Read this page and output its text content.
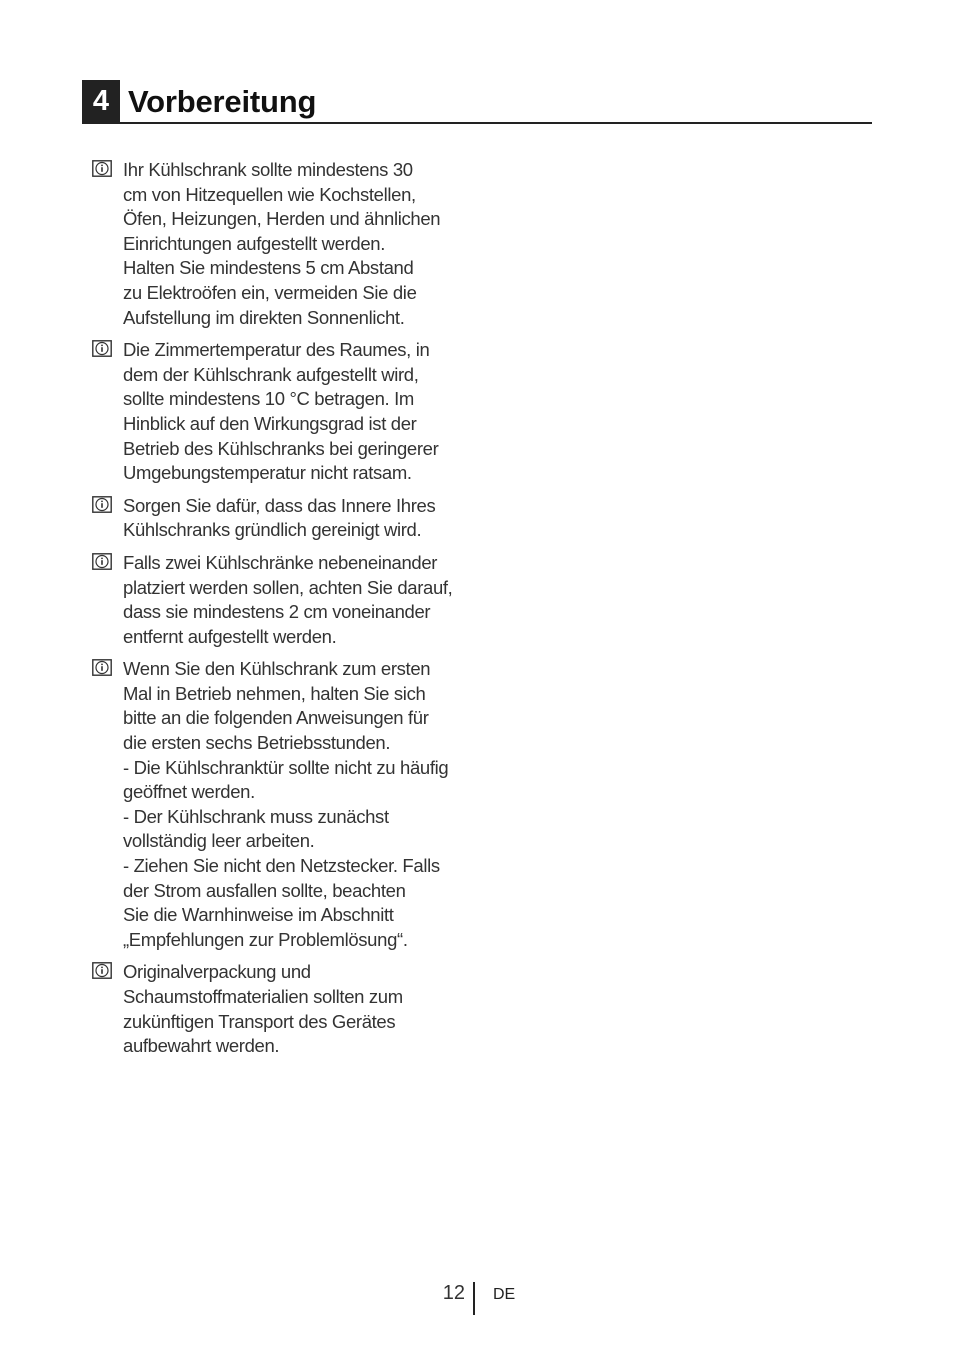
4 Vorbereitung
Ihr Kühlschrank sollte mindestens 30
cm von Hitzequellen wie Kochstellen,
Öfen, Heizungen, Herden und ähnlichen
Einrichtungen aufgestellt werden.
Halten Sie mindestens 5 cm Abstand
zu Elektroöfen ein, vermeiden Sie die
Aufstellung im direkten Sonnenlicht.
Die Zimmertemperatur des Raumes, in
dem der Kühlschrank aufgestellt wird,
sollte mindestens 10 °C betragen. Im
Hinblick auf den Wirkungsgrad ist der
Betrieb des Kühlschranks bei geringerer
Umgebungstemperatur nicht ratsam.
Sorgen Sie dafür, dass das Innere Ihres
Kühlschranks gründlich gereinigt wird.
Falls zwei Kühlschränke nebeneinander
platziert werden sollen, achten Sie darauf,
dass sie mindestens 2 cm voneinander
entfernt aufgestellt werden.
Wenn Sie den Kühlschrank zum ersten
Mal in Betrieb nehmen, halten Sie sich
bitte an die folgenden Anweisungen für
die ersten sechs Betriebsstunden.
- Die Kühlschranktür sollte nicht zu häufig
geöffnet werden.
- Der Kühlschrank muss zunächst
vollständig leer arbeiten.
- Ziehen Sie nicht den Netzstecker. Falls
der Strom ausfallen sollte, beachten
Sie die Warnhinweise im Abschnitt
„Empfehlungen zur Problemlösung“.
Originalverpackung und
Schaumstoffmaterialien sollten zum
zukünftigen Transport des Gerätes
aufbewahrt werden.
12 DE
